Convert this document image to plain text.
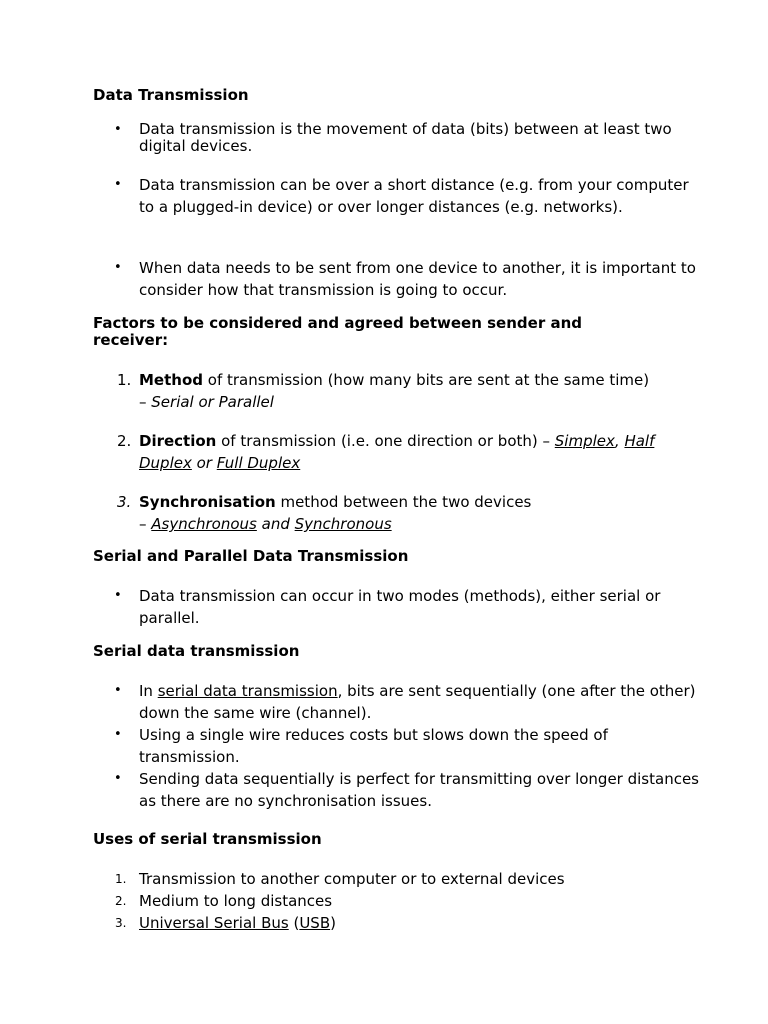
Data Transmission
• Data transmission is the movement of data (bits) between at least two digital devices.
• Data transmission can be over a short distance (e.g. from your computer to a plugged-in device) or over longer distances (e.g. networks).
• When data needs to be sent from one device to another, it is important to consider how that transmission is going to occur.
Factors to be considered and agreed between sender and receiver:
1. Method of transmission (how many bits are sent at the same time)
– Serial or Parallel
2. Direction of transmission (i.e. one direction or both) – Simplex, Half Duplex or Full Duplex
3. Synchronisation method between the two devices
– Asynchronous and Synchronous
Serial and Parallel Data Transmission
• Data transmission can occur in two modes (methods), either serial or parallel.
Serial data transmission
• In serial data transmission, bits are sent sequentially (one after the other) down the same wire (channel).
• Using a single wire reduces costs but slows down the speed of transmission.
• Sending data sequentially is perfect for transmitting over longer distances as there are no synchronisation issues.
Uses of serial transmission
1. Transmission to another computer or to external devices
2. Medium to long distances
3. Universal Serial Bus (USB)
